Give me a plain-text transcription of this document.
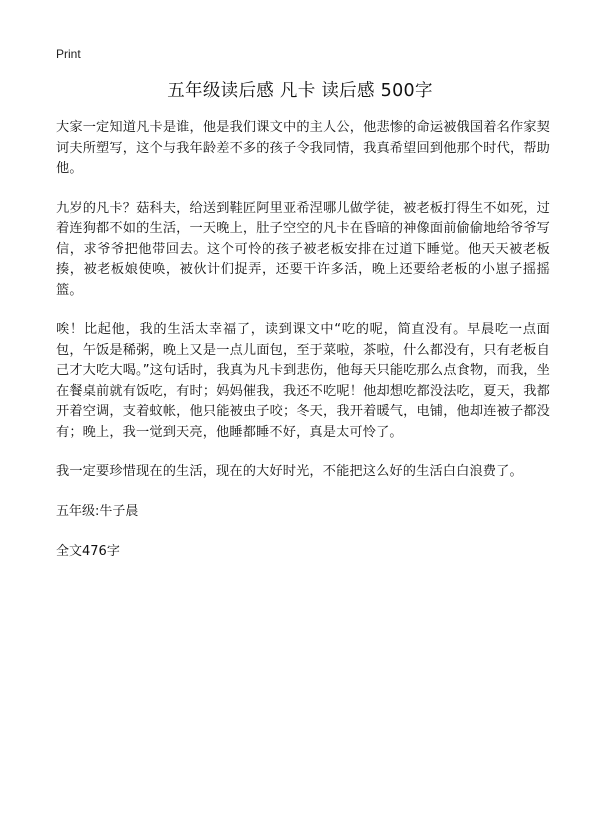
Print
五年级读后感 凡卡 读后感 500字

大家一定知道凡卡是谁，他是我们课文中的主人公，他悲惨的命运被俄国着名作家契诃夫所塑写，这个与我年龄差不多的孩子令我同情，我真希望回到他那个时代，帮助他。

九岁的凡卡？菇科夫，给送到鞋匠阿里亚希涅哪儿做学徒，被老板打得生不如死，过着连狗都不如的生活，一天晚上，肚子空空的凡卡在昏暗的神像面前偷偷地给爷爷写信，求爷爷把他带回去。这个可怜的孩子被老板安排在过道下睡觉。他天天被老板揍，被老板娘使唤，被伙计们捉弄，还要干许多活，晚上还要给老板的小崽子摇摇篮。

唉！比起他，我的生活太幸福了，读到课文中“吃的呢，简直没有。早晨吃一点面包，午饭是稀粥，晚上又是一点儿面包，至于菜啦，茶啦，什么都没有，只有老板自己才大吃大喝。”这句话时，我真为凡卡到悲伤，他每天只能吃那么点食物，而我，坐在餐桌前就有饭吃，有时；妈妈催我，我还不吃呢！他却想吃都没法吃，夏天，我都开着空调，支着蚊帐，他只能被虫子咬；冬天，我开着暖气，电铺，他却连被子都没有；晚上，我一觉到天亮，他睡都睡不好，真是太可怜了。

我一定要珍惜现在的生活，现在的大好时光，不能把这么好的生活白白浪费了。

五年级:牛子晨

全文476字
